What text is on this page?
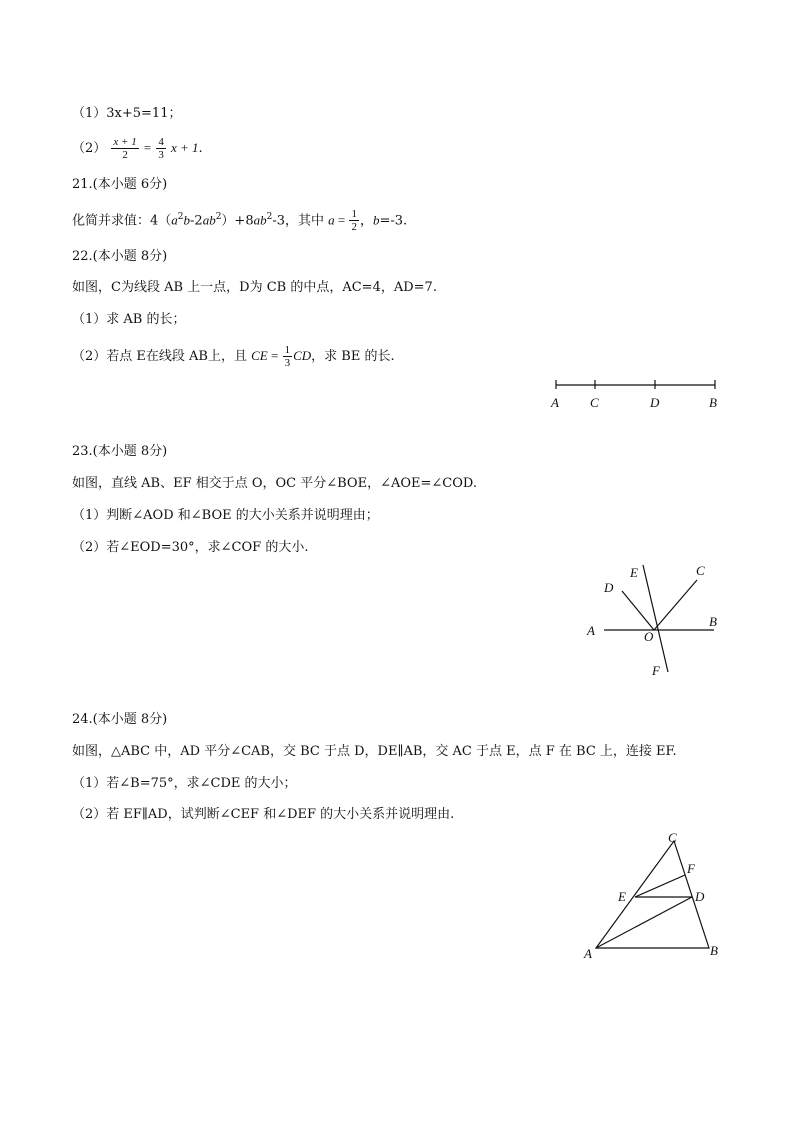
（1）3x+5=11；
$(2) \frac{x + 1}{2} = \frac{4}{3}$ x + 1.
21.(本小题 6分)
化简并求值：$4(a^2b-2ab^2)+8ab^2-3$，其中 $a = \frac{1}{2}$ ，b=-3.
22.(本小题 8分)
如图，C为线段 AB 上一点，D为 CB 的中点，AC=4，AD=7.
（1）求 AB 的长；
（2）若点 E在线段 AB上，且 CE = $\frac{1}{3}$ CD，求 BE 的长.
A C	D	B
23.(本小题 8分)
如图，直线 AB、EF 相交于点 O，OC 平分∠BOE，∠AOE=∠COD.
（1）判断∠AOD 和∠BOE 的大小关系并说明理由；
（2）若∠EOD=30°，求∠COF 的大小.
E	C
D
A	O
B
F
24.(本小题 8分)
如图，△ABC 中，AD 平分∠CAB，交 BC 于点 D，DE∥AB，交 AC 于点 E，点 F 在 BC 上，连接 EF.
（1）若∠B=75°，求∠CDE 的大小；
（2）若 EF∥AD，试判断∠CEF 和∠DEF 的大小关系并说明理由.
C
F
E	D
A	B
